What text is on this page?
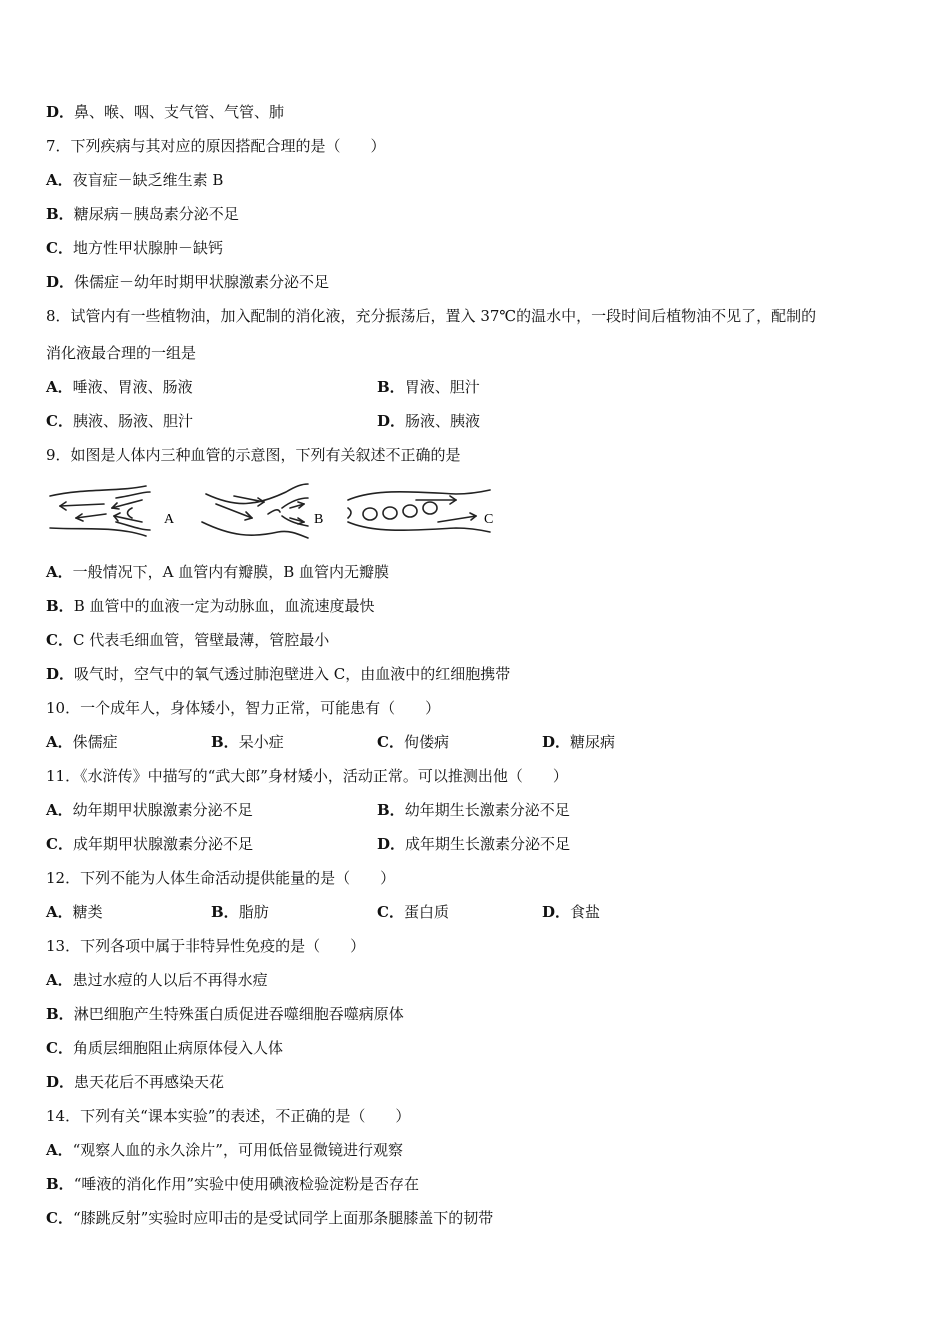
D．鼻、喉、咽、支气管、气管、肺
7．下列疾病与其对应的原因搭配合理的是（　　）
A．夜盲症－缺乏维生素 B
B．糖尿病－胰岛素分泌不足
C．地方性甲状腺肿－缺钙
D．侏儒症－幼年时期甲状腺激素分泌不足
8．试管内有一些植物油，加入配制的消化液，充分振荡后，置入 37℃的温水中，一段时间后植物油不见了，配制的
消化液最合理的一组是
A．唾液、胃液、肠液	B．胃液、胆汁
C．胰液、肠液、胆汁	D．肠液、胰液
9．如图是人体内三种血管的示意图，下列有关叙述不正确的是
A	B	C
A．一般情况下，A 血管内有瓣膜，B 血管内无瓣膜
B．B 血管中的血液一定为动脉血，血流速度最快
C．C 代表毛细血管，管壁最薄，管腔最小
D．吸气时，空气中的氧气透过肺泡壁进入 C，由血液中的红细胞携带
10．一个成年人，身体矮小，智力正常，可能患有（　　）
A．侏儒症	B．呆小症	C．佝偻病	D．糖尿病
11．《水浒传》中描写的“武大郎”身材矮小，活动正常。可以推测出他（　　）
A．幼年期甲状腺激素分泌不足	B．幼年期生长激素分泌不足
C．成年期甲状腺激素分泌不足	D．成年期生长激素分泌不足
12．下列不能为人体生命活动提供能量的是（　　）
A．糖类	B．脂肪	C．蛋白质	D．食盐
13．下列各项中属于非特异性免疫的是（　　）
A．患过水痘的人以后不再得水痘
B．淋巴细胞产生特殊蛋白质促进吞噬细胞吞噬病原体
C．角质层细胞阻止病原体侵入人体
D．患天花后不再感染天花
14．下列有关“课本实验”的表述，不正确的是（　　）
A．“观察人血的永久涂片”，可用低倍显微镜进行观察
B．“唾液的消化作用”实验中使用碘液检验淀粉是否存在
C．“膝跳反射”实验时应叩击的是受试同学上面那条腿膝盖下的韧带
